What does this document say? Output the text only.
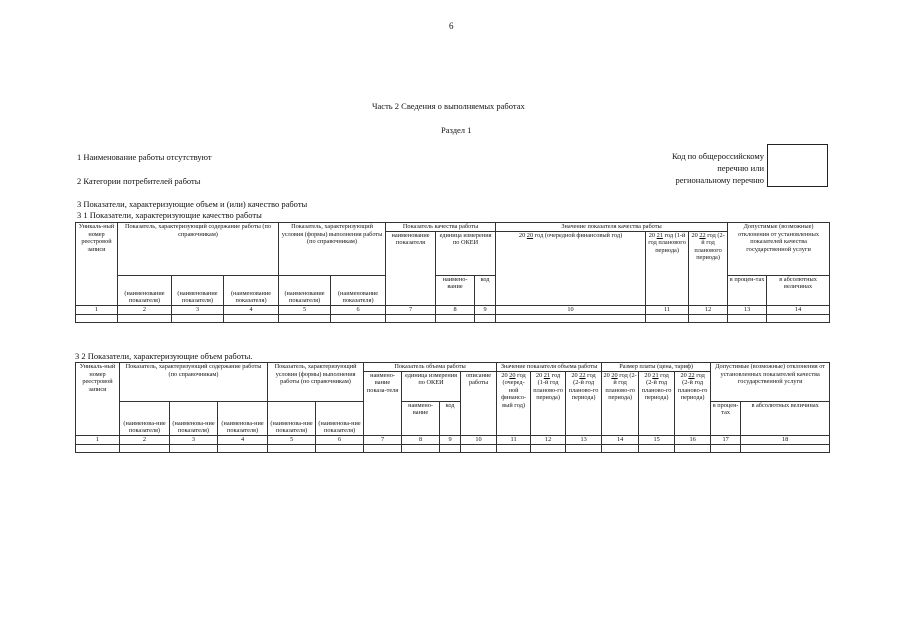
6
Часть 2 Сведения о выполняемых работах
Раздел 1
1 Наименование работы отсутствуют
2 Категории потребителей работы
3 Показатели, характеризующие объем и (или) качество работы
3 1 Показатели, характеризующие качество работы
Код по общероссийскому
перечню или
региональному перечню
Уникаль-ный номер реестровой записи	Показатель, характеризующий содержание работы (по справочникам)			Показатель, характеризующий условия (формы) выполнения работы (по справочникам)		Показатель качества работы			Значение показателя качества работы			Допустимые (возможные) отклонения от установленных показателей качества государственной услуги	
						наименование показателя	единица измерения по ОКЕИ		20 20 год (очередной финансовый год)	20 21 год (1-й год планового периода)	20 22 год (2-й год планового периода)		
	(наименование показателя)	(наименование показателя)	(наименование показателя)	(наименование показателя)	(наименование показателя)		наимено-вание	код				в процен-тах	в абсолютных величинах

1	2	3	4	5	6	7	8	9	10	11	12	13	14

3 2 Показатели, характеризующие объем работы.
Уникаль-ный номер реестровой записи	Показатель, характеризующий содержание работы (по справочникам)			Показатель, характеризующий условия (формы) выполнения работы (по справочникам)		Показатель объема работы				Значение показателя объема работы			Размер платы (цена, тариф)			Допустимые (возможные) отклонения от установленных показателей качества государственной услуги	
						наимено-вание показа-теля	единица измерения по ОКЕИ		описание работы	20 20 год (очеред-ной финансо-вый год)	20 21 год (1-й год планово-го периода)	20 22 год (2-й год планово-го периода)	20 20 год (2-й год планово-го периода)	20 21 год (2-й год планово-го периода)	20 22 год (2-й год планово-го периода)		
	(наименова-ние показателя)	(наименова-ние показателя)	(наименова-ние показателя)	(наименова-ние показателя)	(наименова-ние показателя)		наимено-вание	код								в процен-тах	в абсолютных величинах

1	2	3	4	5	6	7	8	9	10	11	12	13	14	15	16	17	18
